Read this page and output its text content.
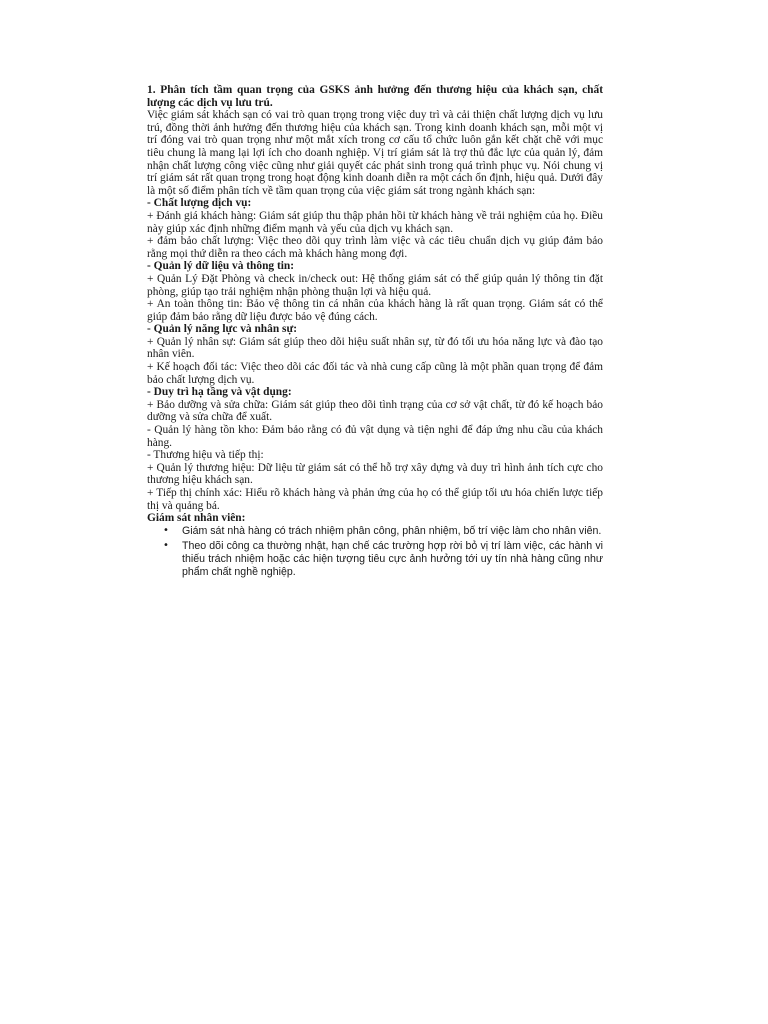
1. Phân tích tầm quan trọng của GSKS ảnh hưởng đến thương hiệu của khách sạn, chất lượng các dịch vụ lưu trú.

Việc giám sát khách sạn có vai trò quan trọng trong việc duy trì và cải thiện chất lượng dịch vụ lưu trú, đồng thời ảnh hưởng đến thương hiệu của khách sạn. Trong kinh doanh khách sạn, mỗi một vị trí đóng vai trò quan trọng như một mắt xích trong cơ cấu tổ chức luôn gắn kết chặt chẽ với mục tiêu chung là mang lại lợi ích cho doanh nghiệp. Vị trí giám sát là trợ thủ đắc lực của quản lý, đảm nhận chất lượng công việc cũng như giải quyết các phát sinh trong quá trình phục vụ. Nói chung vị trí giám sát rất quan trọng trong hoạt động kinh doanh diễn ra một cách ổn định, hiệu quả. Dưới đây là một số điểm phân tích về tầm quan trọng của việc giám sát trong ngành khách sạn:

- Chất lượng dịch vụ:

+ Đánh giá khách hàng: Giám sát giúp thu thập phản hồi từ khách hàng về trải nghiệm của họ. Điều này giúp xác định những điểm mạnh và yếu của dịch vụ khách sạn.

+ đảm bảo chất lượng: Việc theo dõi quy trình làm việc và các tiêu chuẩn dịch vụ giúp đảm bảo rằng mọi thứ diễn ra theo cách mà khách hàng mong đợi.

- Quản lý dữ liệu và thông tin:

+ Quản Lý Đặt Phòng và check in/check out: Hệ thống giám sát có thể giúp quản lý thông tin đặt phòng, giúp tạo trải nghiệm nhận phòng thuận lợi và hiệu quả.

+ An toàn thông tin: Bảo vệ thông tin cá nhân của khách hàng là rất quan trọng. Giám sát có thể giúp đảm bảo rằng dữ liệu được bảo vệ đúng cách.

- Quản lý năng lực và nhân sự:

+ Quản lý nhân sự: Giám sát giúp theo dõi hiệu suất nhân sự, từ đó tối ưu hóa năng lực và đào tạo nhân viên.

+ Kế hoạch đối tác: Việc theo dõi các đối tác và nhà cung cấp cũng là một phần quan trọng để đảm bảo chất lượng dịch vụ.

- Duy trì hạ tầng và vật dụng:

+ Bảo dưỡng và sửa chữa: Giám sát giúp theo dõi tình trạng của cơ sở vật chất, từ đó kế hoạch bảo dưỡng và sửa chữa để xuất.

- Quản lý hàng tồn kho: Đảm bảo rằng có đủ vật dụng và tiện nghi để đáp ứng nhu cầu của khách hàng.

- Thương hiệu và tiếp thị:

+ Quản lý thương hiệu: Dữ liệu từ giám sát có thể hỗ trợ xây dựng và duy trì hình ảnh tích cực cho thương hiệu khách sạn.

+ Tiếp thị chính xác: Hiểu rõ khách hàng và phản ứng của họ có thể giúp tối ưu hóa chiến lược tiếp thị và quảng bá.

Giám sát nhân viên:

• Giám sát nhà hàng có trách nhiệm phân công, phân nhiệm, bố trí việc làm cho nhân viên.
• Theo dõi công ca thường nhật, hạn chế các trường hợp rời bỏ vị trí làm việc, các hành vi thiếu trách nhiệm hoặc các hiện tượng tiêu cực ảnh hưởng tới uy tín nhà hàng cũng như phẩm chất nghề nghiệp.
